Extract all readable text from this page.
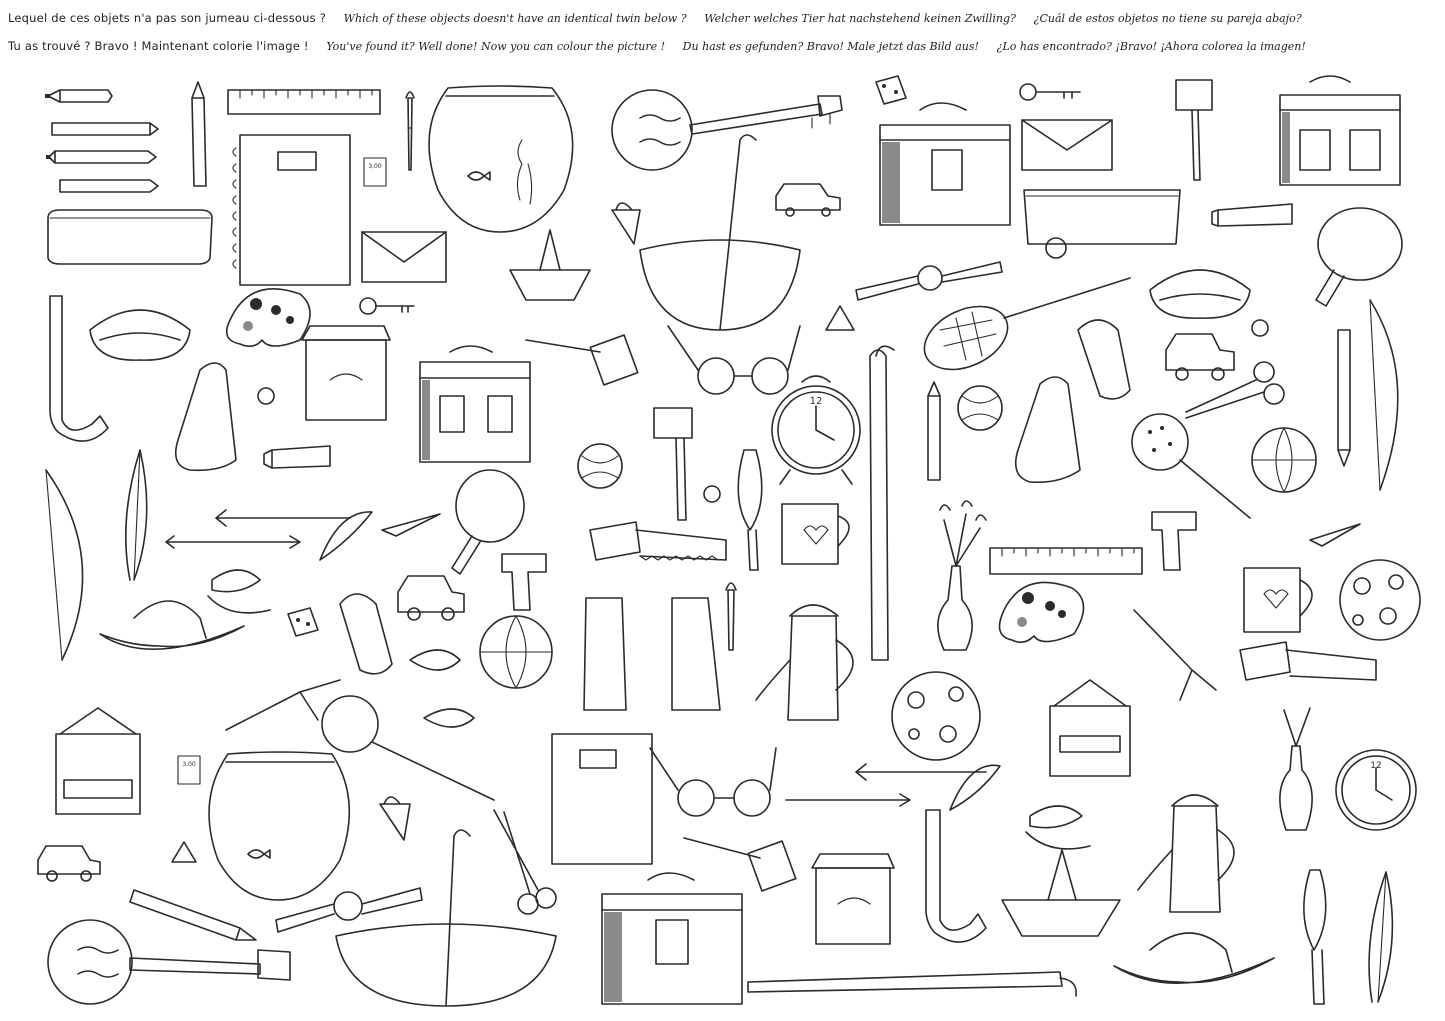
Lequel de ces objets n'a pas son jumeau ci-dessous ? Which of these objects doesn't have an identical twin below ? Welcher welches Tier hat nachstehend keinen Zwilling? ¿Cuál de estos objetos no tiene su pareja abajo?
Tu as trouvé ? Bravo ! Maintenant colorie l'image ! You've found it? Well done! Now you can colour the picture ! Du hast es gefunden? Bravo! Male jetzt das Bild aus! ¿Lo has encontrado? ¡Bravo! ¡Ahora colorea la imagen!
3,00
12
12
3,00
